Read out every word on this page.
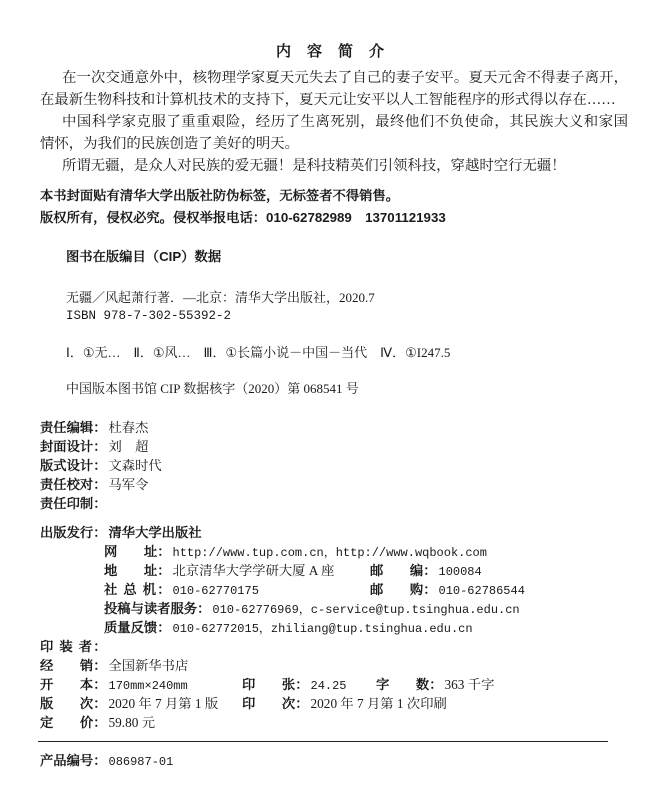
内容简介
在一次交通意外中，核物理学家夏天元失去了自己的妻子安平。夏天元舍不得妻子离开，
在最新生物科技和计算机技术的支持下，夏天元让安平以人工智能程序的形式得以存在……
中国科学家克服了重重艰险，经历了生离死别，最终他们不负使命，其民族大义和家国
情怀，为我们的民族创造了美好的明天。
所谓无疆，是众人对民族的爱无疆！是科技精英们引领科技，穿越时空行无疆！
本书封面贴有清华大学出版社防伪标签，无标签者不得销售。
版权所有，侵权必究。侵权举报电话：010-62782989　13701121933
图书在版编目（CIP）数据
无疆／风起萧行著．—北京：清华大学出版社，2020.7
ISBN 978-7-302-55392-2
Ⅰ．①无…　Ⅱ．①风…　Ⅲ．①长篇小说－中国－当代　Ⅳ．①I247.5
中国版本图书馆 CIP 数据核字（2020）第 068541 号
责任编辑： 杜春杰
封面设计： 刘　超
版式设计： 文森时代
责任校对： 马军令
责任印制：
出版发行： 清华大学出版社
网　　址： http://www.tup.com.cn，http://www.wqbook.com
地　　址： 北京清华大学学研大厦 A 座	邮　　编： 100084
社 总 机： 010-62770175	邮　　购： 010-62786544
投稿与读者服务： 010-62776969，c-service@tup.tsinghua.edu.cn
质量反馈： 010-62772015，zhiliang@tup.tsinghua.edu.cn
印 装 者：
经　　销： 全国新华书店
开　　本： 170mm×240mm	印　　张： 24.25 字　　数： 363 千字
版　　次： 2020 年 7 月第 1 版 印　　次： 2020 年 7 月第 1 次印刷
定　　价： 59.80 元
产品编号： 086987-01
